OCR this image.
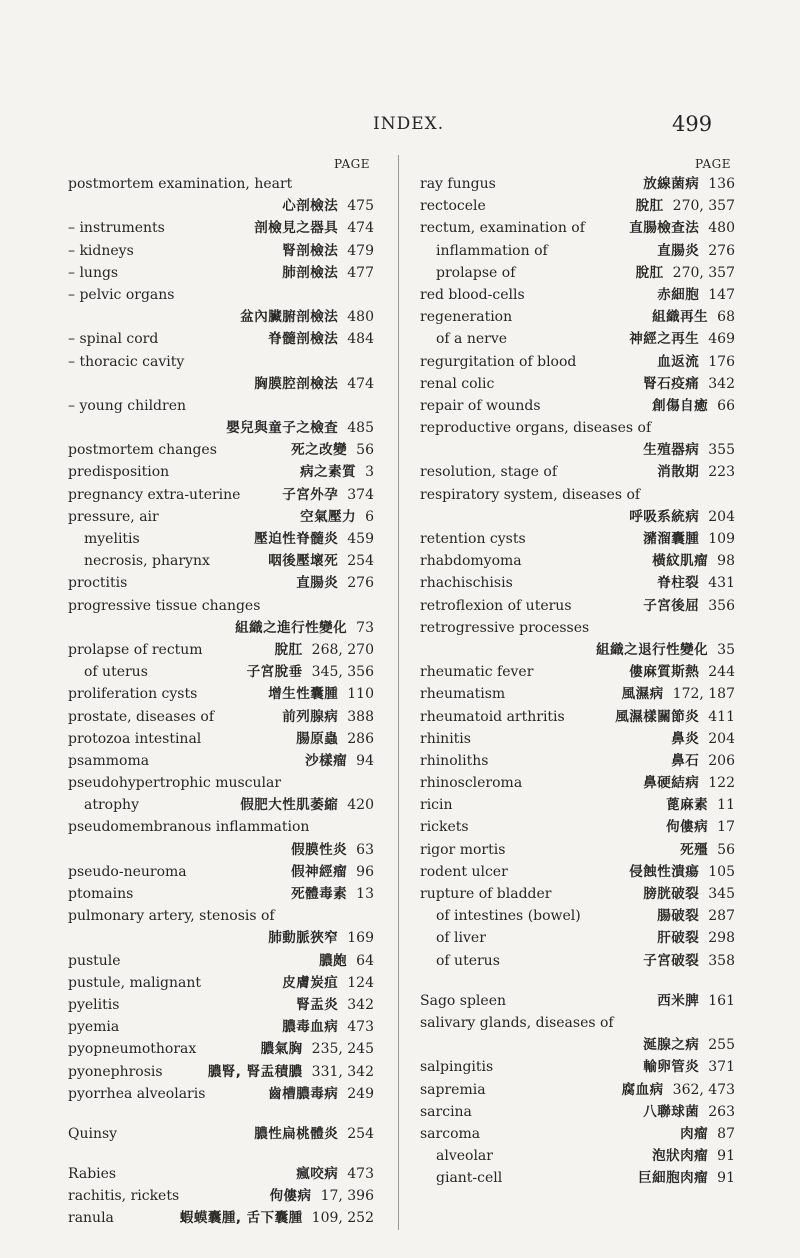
INDEX.	499
PAGE
postmortem examination, heart
心剖檢法 475
– instruments	剖檢見之器具 474
– kidneys	腎剖檢法 479
– lungs	肺剖檢法 477
– pelvic organs
盆內臟腑剖檢法 480
– spinal cord	脊髓剖檢法 484
– thoracic cavity
胸膜腔剖檢法 474
– young children
嬰兒與童子之檢査 485
postmortem changes	死之改變 56
predisposition	病之素質 3
pregnancy extra-uterine	子宮外孕 374
pressure, air	空氣壓力 6
myelitis	壓迫性脊髓炎 459
necrosis, pharynx	咽後壓壞死 254
proctitis	直腸炎 276
progressive tissue changes
組織之進行性變化 73
prolapse of rectum	脫肛 268, 270
of uterus	子宮脫垂 345, 356
proliferation cysts	增生性囊腫 110
prostate, diseases of	前列腺病 388
protozoa intestinal	腸原蟲 286
psammoma	沙樣瘤 94
pseudohypertrophic muscular
atrophy	假肥大性肌萎縮 420
pseudomembranous inflammation
假膜性炎 63
pseudo-neuroma	假神經瘤 96
ptomains	死體毒素 13
pulmonary artery, stenosis of
肺動脈狹窄 169
pustule	膿皰 64
pustule, malignant	皮膚炭疽 124
pyelitis	腎盂炎 342
pyemia	膿毒血病 473
pyopneumothorax	膿氣胸 235, 245
pyonephrosis	膿腎, 腎盂積膿 331, 342
pyorrhea alveolaris	齒槽膿毒病 249
Quinsy	膿性扁桃體炎 254
Rabies	瘋咬病 473
rachitis, rickets	佝僂病 17, 396
ranula	蝦蟆囊腫, 舌下囊腫 109, 252
PAGE
ray fungus	放線菌病 136
rectocele	脫肛 270, 357
rectum, examination of	直腸檢查法 480
inflammation of	直腸炎 276
prolapse of	脫肛 270, 357
red blood-cells	赤細胞 147
regeneration	組織再生 68
of a nerve	神經之再生 469
regurgitation of blood	血返流 176
renal colic	腎石疫痛 342
repair of wounds	創傷自癒 66
reproductive organs, diseases of
生殖器病 355
resolution, stage of	消散期 223
respiratory system, diseases of
呼吸系統病 204
retention cysts	瀦溜囊腫 109
rhabdomyoma	橫紋肌瘤 98
rhachischisis	脊柱裂 431
retroflexion of uterus	子宮後屈 356
retrogressive processes
組織之退行性變化 35
rheumatic fever	僂麻質斯熱 244
rheumatism	風濕病 172, 187
rheumatoid arthritis	風濕樣關節炎 411
rhinitis	鼻炎 204
rhinoliths	鼻石 206
rhinoscleroma	鼻硬結病 122
ricin	蓖麻素 11
rickets	佝僂病 17
rigor mortis	死殭 56
rodent ulcer	侵蝕性潰瘍 105
rupture of bladder	膀胱破裂 345
of intestines (bowel)	腸破裂 287
of liver	肝破裂 298
of uterus	子宮破裂 358
Sago spleen	西米脾 161
salivary glands, diseases of
涎腺之病 255
salpingitis	輸卵管炎 371
sapremia	腐血病 362, 473
sarcina	八聯球菌 263
sarcoma	肉瘤 87
alveolar	泡狀肉瘤 91
giant-cell	巨細胞肉瘤 91
